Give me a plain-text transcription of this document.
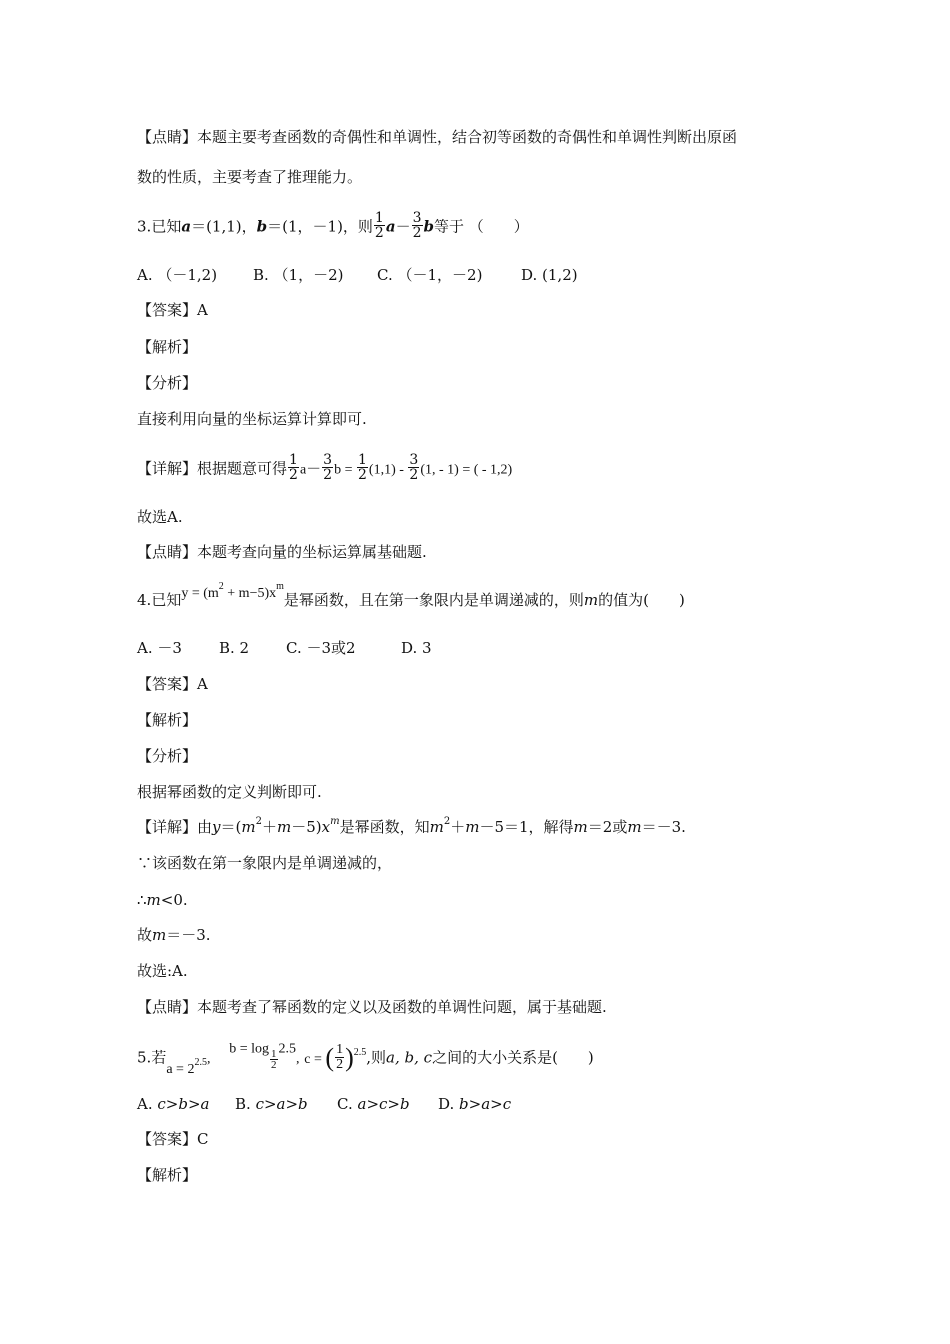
【点睛】本题主要考查函数的奇偶性和单调性，结合初等函数的奇偶性和单调性判断出原函
数的性质，主要考查了推理能力。
3.已知a＝(1,1)，b＝(1，－1)，则 $\frac{1}{2} a- \frac{3}{2}$ b等于 （　　）
A. （－1,2) B. （1，－2) C. （－1，－2)	D. (1,2)
【答案】A
【解析】
【分析】
直接利用向量的坐标运算计算即可.
【详解】根据题意可得 $\frac{1}{2} a- \frac{3}{2}$ $b = \frac{1}{2} (1,1) - \frac{3}{2} (1$, - 1) = ( - 1,2)
故选A.
【点睛】本题考查向量的坐标运算属基础题.
4.已知$y = (m^2 + m-5)x^m$是幂函数，且在第一象限内是单调递减的，则m的值为(　　)
A. －3 B. 2 C. －3或2	D. 3
【答案】A
【解析】
【分析】
根据幂函数的定义判断即可.
【详解】由$y=(m^2+m-5)x^m$是幂函数，知$m^2+m-5=1$，解得m＝2或m＝－3.
∵该函数在第一象限内是单调递减的，
∴m<0.
故m＝－3.
故选:A.
【点睛】本题考查了幂函数的定义以及函数的单调性问题，属于基础题.
5.若$a = 2^{2.5}$, $b = \log \frac{1}{2} 2.5$, c = ( $\frac{1}{2} )^{2.5}$,则a, b, c之间的大小关系是(　　)
A. c>b>a B. c>a>b C. a>c>b D. b>a>c
【答案】C
【解析】
